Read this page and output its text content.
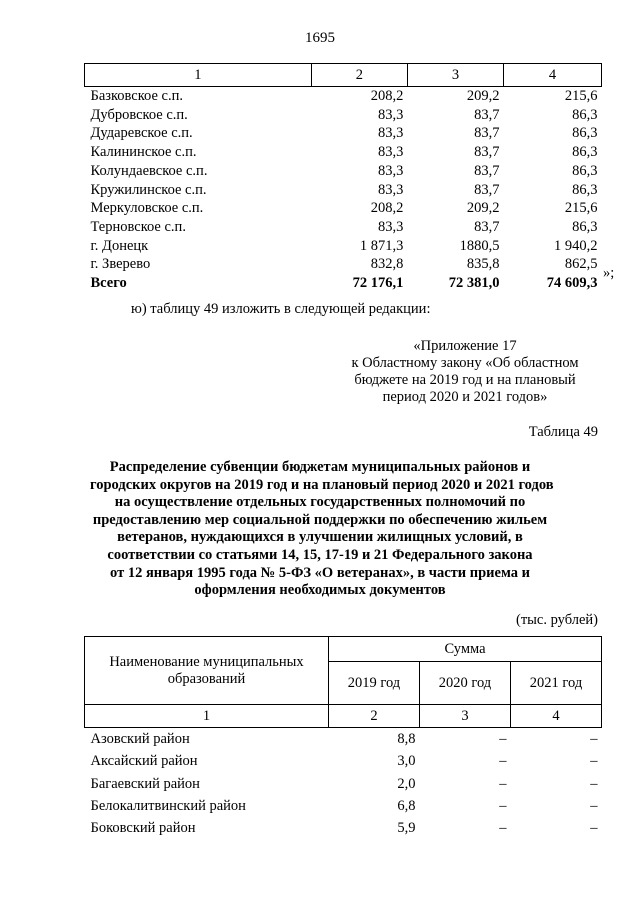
1695
1	2	3	4
Базковское с.п.	208,2	209,2	215,6
Дубровское с.п.	83,3	83,7	86,3
Дударевское с.п.	83,3	83,7	86,3
Калининское с.п.	83,3	83,7	86,3
Колундаевское с.п.	83,3	83,7	86,3
Кружилинское с.п.	83,3	83,7	86,3
Меркуловское с.п.	208,2	209,2	215,6
Терновское с.п.	83,3	83,7	86,3
г. Донецк	1 871,3	1880,5	1 940,2
г. Зверево	832,8	835,8	862,5
Всего	72 176,1	72 381,0	74 609,3
»;
ю) таблицу 49 изложить в следующей редакции:
«Приложение 17
к Областному закону «Об областном
бюджете на 2019 год и на плановый
период 2020 и 2021 годов»
Таблица 49
Распределение субвенции бюджетам муниципальных районов и
городских округов на 2019 год и на плановый период 2020 и 2021 годов
на осуществление отдельных государственных полномочий по
предоставлению мер социальной поддержки по обеспечению жильем
ветеранов, нуждающихся в улучшении жилищных условий, в
соответствии со статьями 14, 15, 17-19 и 21 Федерального закона
от 12 января 1995 года № 5-ФЗ «О ветеранах», в части приема и
оформления необходимых документов
(тыс. рублей)
Наименование муниципальных образований	Сумма		
	2019 год	2020 год	2021 год
1	2	3	4
Азовский район	8,8	–	–
Аксайский район	3,0	–	–
Багаевский район	2,0	–	–
Белокалитвинский район	6,8	–	–
Боковский район	5,9	–	–
